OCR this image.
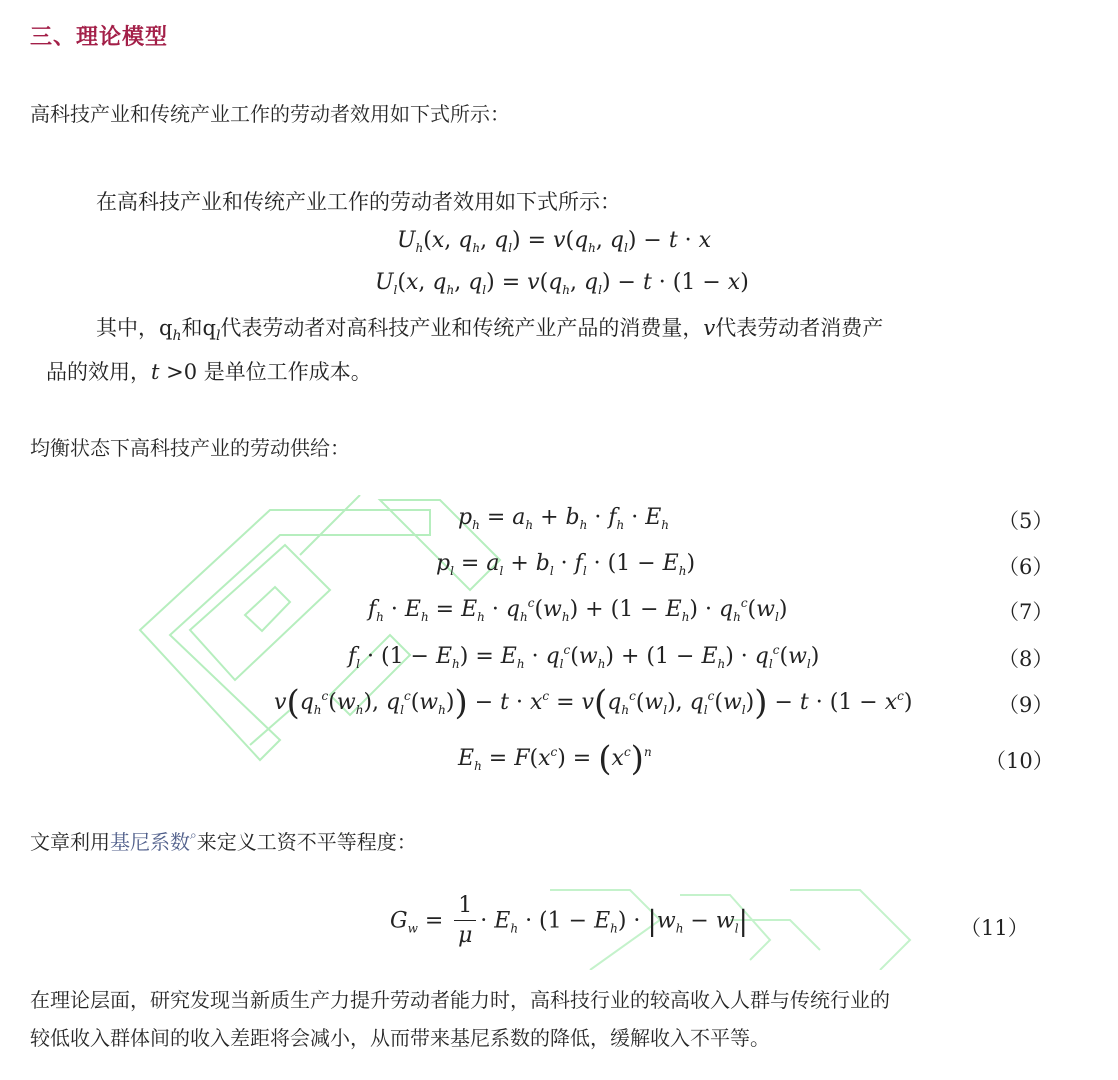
三、理论模型
高科技产业和传统产业工作的劳动者效用如下式所示：
在高科技产业和传统产业工作的劳动者效用如下式所示：
$U_h(x$, $q_h$, $q_l) = v(q_h$, $q_l) - t \cdot x$
$U_l(x$, $q_h$, $q_l) = v(q_h$, $q_l) - t \cdot (1 - x)$
其中，$q_h$和$q_l$代表劳动者对高科技产业和传统产业产品的消费量，v代表劳动者消费产
品的效用，t >0 是单位工作成本。
均衡状态下高科技产业的劳动供给：
$p_h = a_h + b_h \cdot f_h \cdot E_h$	（5）
$p_l = a_l + b_l \cdot f_l \cdot (1 - E_h)$	（6）
$f_h \cdot E_h = E_h \cdot q_h^c(w_h) + (1 - E_h) \cdot q_h^c(w_l)$	（7）
$f_l \cdot (1 - E_h) = E_h \cdot q_l^c(w_h) + (1 - E_h) \cdot q_l^c(w_l)$	（8）
$v(q_h^c(w_h)$, $q_l^c(w_h)) - t \cdot x^c = v(q_h^c(w_l)$, $q_l^c(w_l)) - t \cdot (1 - x^c)$	（9）
$E_h = F(x^c) = (x^c)^n$	（10）
文章利用基尼系数⌕来定义工资不平等程度：
$G_w = \frac{1}{\mu} \cdot E_h \cdot (1 - E_h) \cdot |w_h - w_l|$	（11）
在理论层面，研究发现当新质生产力提升劳动者能力时，高科技行业的较高收入人群与传统行业的
较低收入群体间的收入差距将会减小，从而带来基尼系数的降低，缓解收入不平等。
